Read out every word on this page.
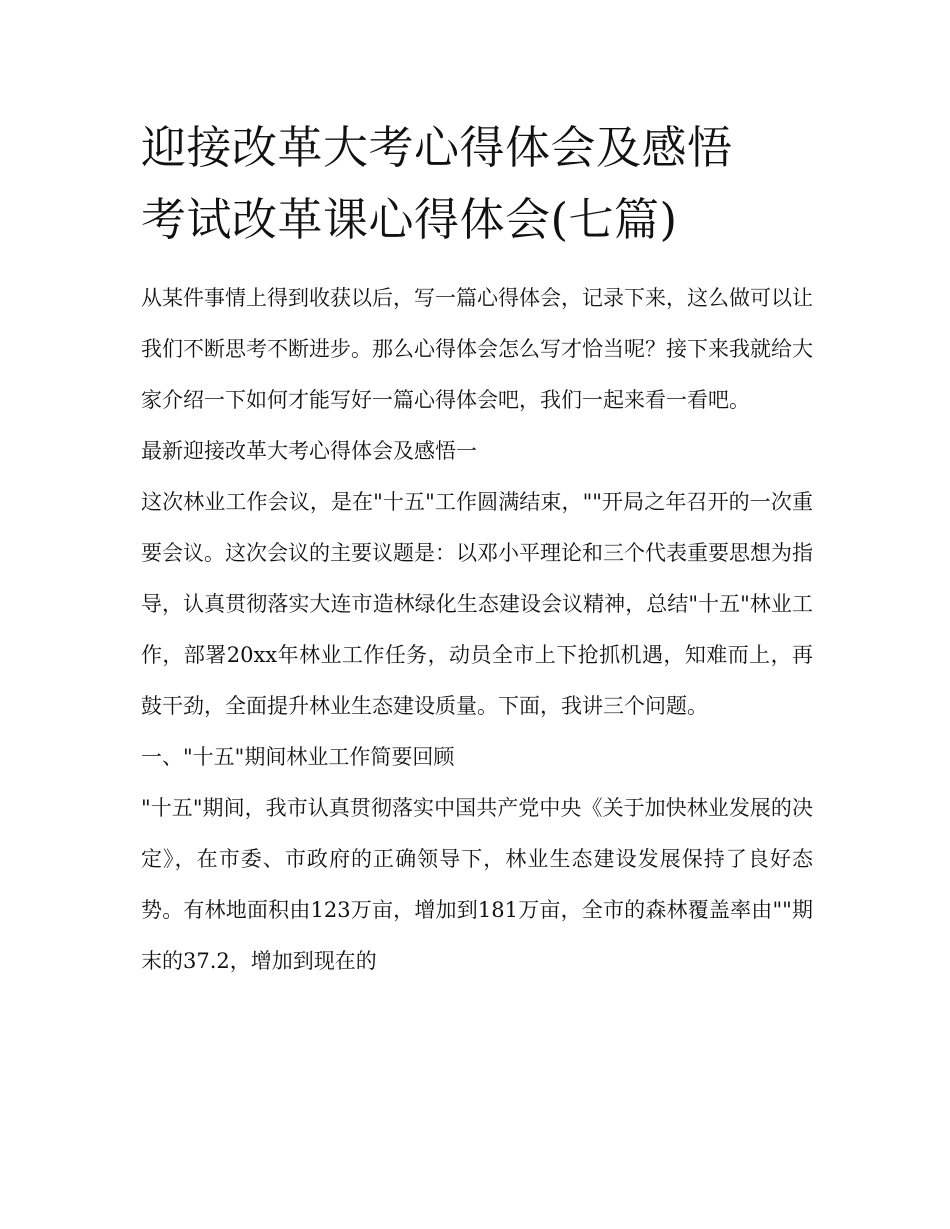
迎接改革大考心得体会及感悟
考试改革课心得体会(七篇)

从某件事情上得到收获以后，写一篇心得体会，记录下来，这么做可以让我们不断思考不断进步。那么心得体会怎么写才恰当呢？接下来我就给大家介绍一下如何才能写好一篇心得体会吧，我们一起来看一看吧。

最新迎接改革大考心得体会及感悟一

这次林业工作会议，是在"十五"工作圆满结束，""开局之年召开的一次重要会议。这次会议的主要议题是：以邓小平理论和三个代表重要思想为指导，认真贯彻落实大连市造林绿化生态建设会议精神，总结"十五"林业工作，部署20xx年林业工作任务，动员全市上下抢抓机遇，知难而上，再鼓干劲，全面提升林业生态建设质量。下面，我讲三个问题。

一、"十五"期间林业工作简要回顾

"十五"期间，我市认真贯彻落实中国共产党中央《关于加快林业发展的决定》，在市委、市政府的正确领导下，林业生态建设发展保持了良好态势。有林地面积由123万亩，增加到181万亩，全市的森林覆盖率由""期末的37.2，增加到现在的
